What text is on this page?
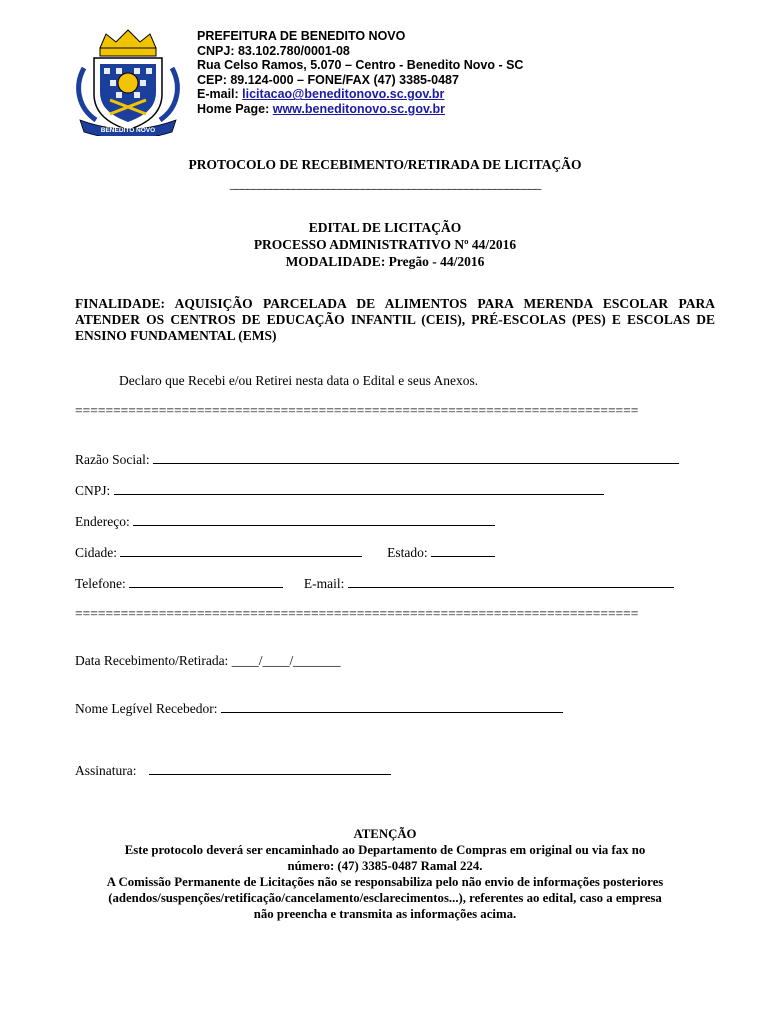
BENEDITO NOVO
PREFEITURA DE BENEDITO NOVO
CNPJ: 83.102.780/0001-08
Rua Celso Ramos, 5.070 – Centro - Benedito Novo - SC
CEP: 89.124-000 – FONE/FAX (47) 3385-0487
E-mail: licitacao@beneditonovo.sc.gov.br
Home Page: www.beneditonovo.sc.gov.br
PROTOCOLO DE RECEBIMENTO/RETIRADA DE LICITAÇÃO
______________________________________________________
EDITAL DE LICITAÇÃO
PROCESSO ADMINISTRATIVO Nº 44/2016
MODALIDADE: Pregão - 44/2016
FINALIDADE: AQUISIÇÃO PARCELADA DE ALIMENTOS PARA MERENDA ESCOLAR PARA ATENDER OS CENTROS DE EDUCAÇÃO INFANTIL (CEIS), PRÉ-ESCOLAS (PES) E ESCOLAS DE ENSINO FUNDAMENTAL (EMS)
Declaro que Recebi e/ou Retirei nesta data o Edital e seus Anexos.
==========================================================================
Razão Social:
CNPJ:
Endereço:
Cidade:	Estado:
Telefone:	E-mail:
==========================================================================
Data Recebimento/Retirada: ____/____/_______
Nome Legível Recebedor:
Assinatura:
ATENÇÃO
Este protocolo deverá ser encaminhado ao Departamento de Compras em original ou via fax no
número: (47) 3385-0487 Ramal 224.
A Comissão Permanente de Licitações não se responsabiliza pelo não envio de informações posteriores
(adendos/suspenções/retificação/cancelamento/esclarecimentos...), referentes ao edital, caso a empresa
não preencha e transmita as informações acima.
